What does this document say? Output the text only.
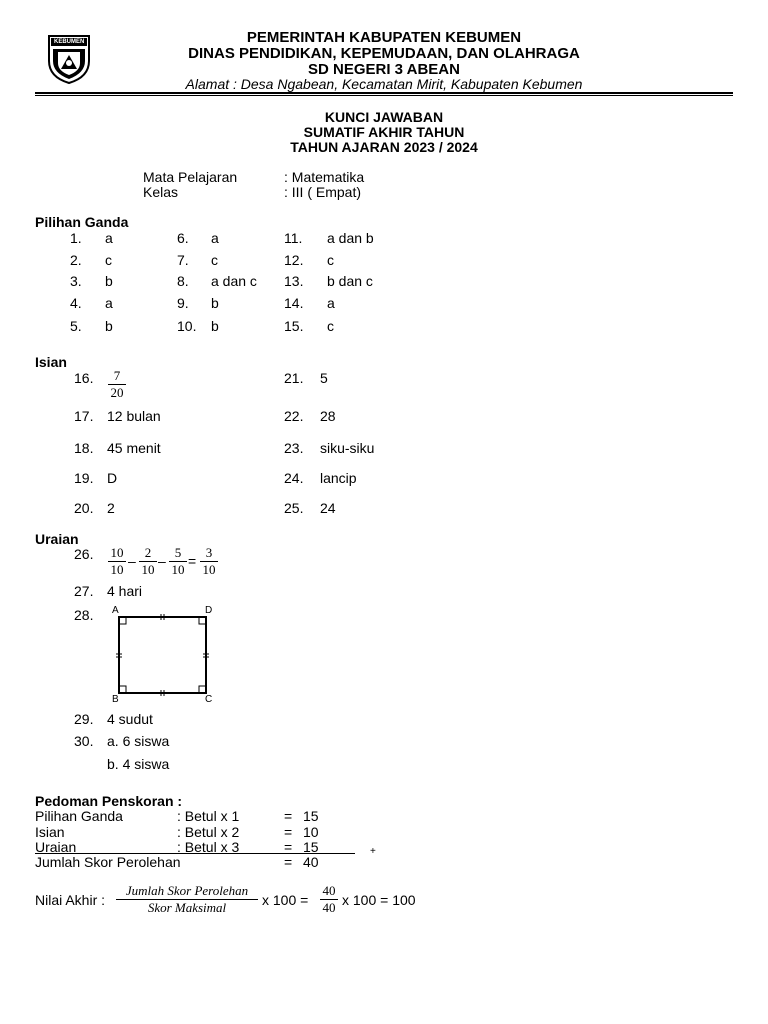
KEBUMEN	PEMERINTAH KABUPATEN KEBUMEN
DINAS PENDIDIKAN, KEPEMUDAAN, DAN OLAHRAGA
SD NEGERI 3 ABEAN
Alamat : Desa Ngabean, Kecamatan Mirit, Kabupaten Kebumen
KUNCI JAWABAN
SUMATIF AKHIR TAHUN
TAHUN AJARAN 2023 / 2024
Mata Pelajaran	: Matematika
Kelas	: III ( Empat)
Pilihan Ganda
1. a	6. a	11. a dan b
2. c	7. c	12. c
3. b	8. a dan c 13. b dan c
4. a	9. b	14. a
5. b	10. b	15. c
Isian
16. $\frac{7}{20}$
17. 12 bulan
18. 45 menit
19. D
20. 2
21. 5
22. 28
23. siku-siku
24. lancip
25. 24
Uraian
26. $\frac{10}{10} - \frac{2}{10} - \frac{5}{10} = \frac{3}{10}$
27. 4 hari
28. A	D
B	C
29. 4 sudut
30. a. 6 siswa
b. 4 siswa
Pedoman Penskoran :
Pilihan Ganda	: Betul x 1	= 15
Isian	: Betul x 2	= 10
Uraian	: Betul x 3	= 15	+
Jumlah Skor Perolehan	= 40
Nilai Akhir :
Jumlah Skor Perolehan
Skor Maksimal	x $100 = \frac{40}{40}$ x 100 = 100
